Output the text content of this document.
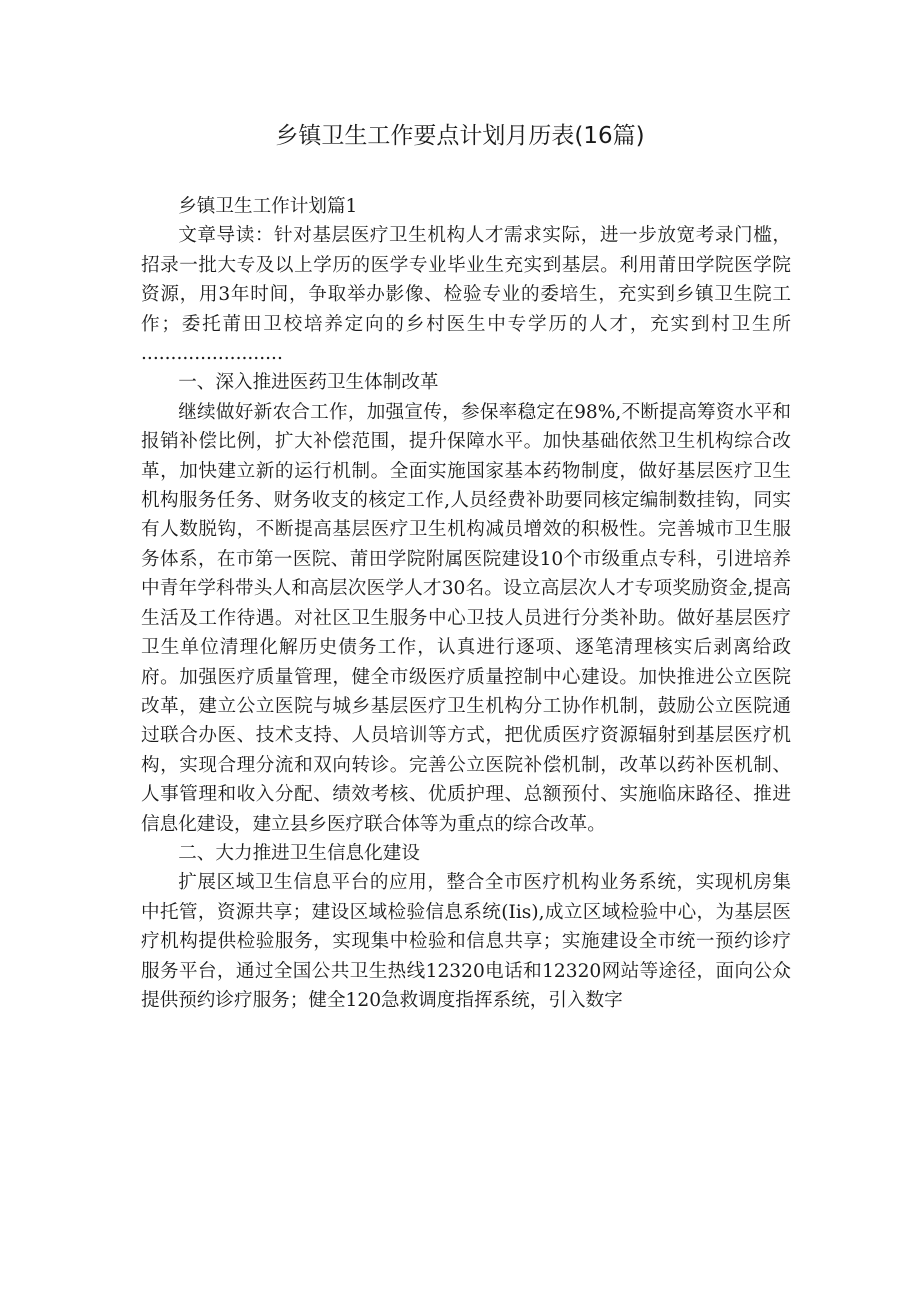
乡镇卫生工作要点计划月历表(16篇)

乡镇卫生工作计划篇1

文章导读：针对基层医疗卫生机构人才需求实际，进一步放宽考录门槛，招录一批大专及以上学历的医学专业毕业生充实到基层。利用莆田学院医学院资源，用3年时间，争取举办影像、检验专业的委培生，充实到乡镇卫生院工作；委托莆田卫校培养定向的乡村医生中专学历的人才，充实到村卫生所 ........................

一、深入推进医药卫生体制改革

继续做好新农合工作，加强宣传，参保率稳定在98%,不断提高筹资水平和报销补偿比例，扩大补偿范围，提升保障水平。加快基础依然卫生机构综合改革，加快建立新的运行机制。全面实施国家基本药物制度，做好基层医疗卫生机构服务任务、财务收支的核定工作,人员经费补助要同核定编制数挂钩，同实有人数脱钩，不断提高基层医疗卫生机构减员增效的积极性。完善城市卫生服务体系，在市第一医院、莆田学院附属医院建设10个市级重点专科，引进培养中青年学科带头人和高层次医学人才30名。设立高层次人才专项奖励资金,提高生活及工作待遇。对社区卫生服务中心卫技人员进行分类补助。做好基层医疗卫生单位清理化解历史债务工作，认真进行逐项、逐笔清理核实后剥离给政府。加强医疗质量管理，健全市级医疗质量控制中心建设。加快推进公立医院改革，建立公立医院与城乡基层医疗卫生机构分工协作机制，鼓励公立医院通过联合办医、技术支持、人员培训等方式，把优质医疗资源辐射到基层医疗机构，实现合理分流和双向转诊。完善公立医院补偿机制，改革以药补医机制、人事管理和收入分配、绩效考核、优质护理、总额预付、实施临床路径、推进信息化建设，建立县乡医疗联合体等为重点的综合改革。

二、大力推进卫生信息化建设

扩展区域卫生信息平台的应用，整合全市医疗机构业务系统，实现机房集中托管，资源共享；建设区域检验信息系统(Iis),成立区域检验中心，为基层医疗机构提供检验服务，实现集中检验和信息共享；实施建设全市统一预约诊疗服务平台，通过全国公共卫生热线12320电话和12320网站等途径，面向公众提供预约诊疗服务；健全120急救调度指挥系统，引入数字
